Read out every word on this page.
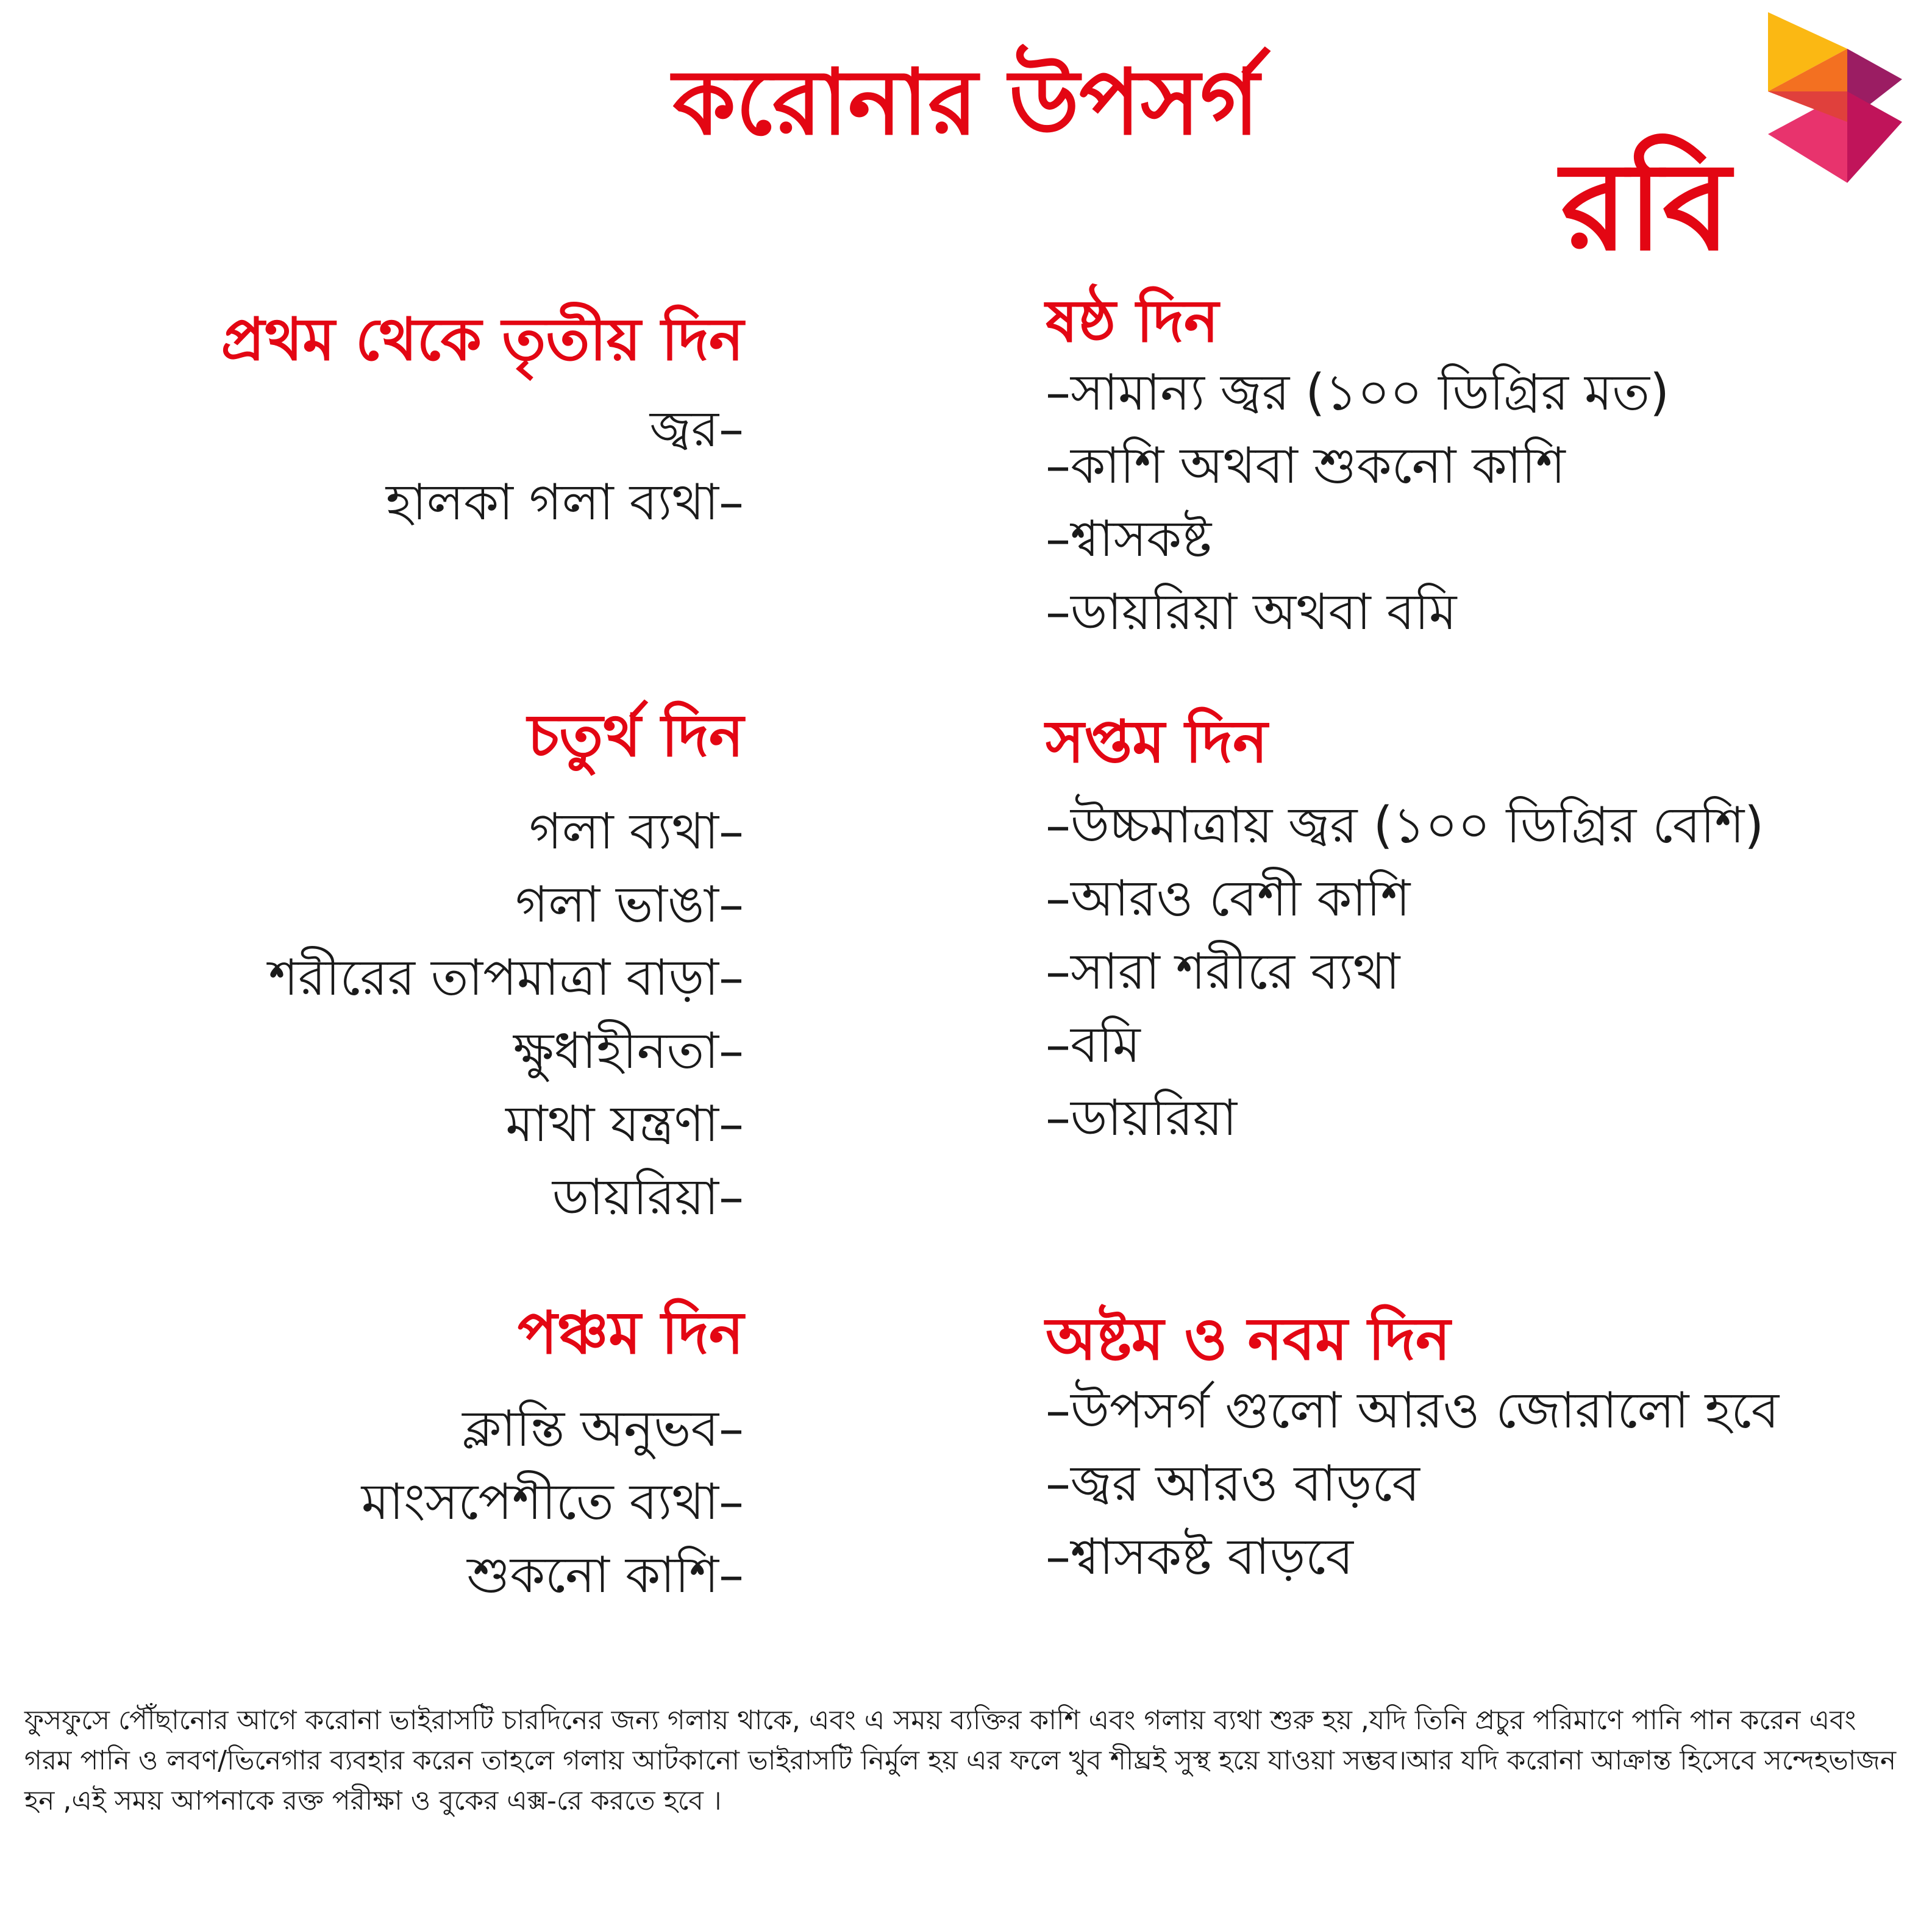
করোনার উপসর্গ
রবি
প্রথম থেকে তৃতীয় দিন
জ্বর–
হালকা গলা ব্যথা–
চতুর্থ দিন
গলা ব্যথা–
গলা ভাঙা–
শরীরের তাপমাত্রা বাড়া–
ক্ষুধাহীনতা–
মাথা যন্ত্রণা–
ডায়রিয়া–
পঞ্চম দিন
ক্লান্তি অনুভব–
মাংসপেশীতে ব্যথা–
শুকনো কাশি–
ষষ্ঠ দিন
–সামান্য জ্বর (১০০ ডিগ্রির মত)
–কাশি অথবা শুকনো কাশি
–শ্বাসকষ্ট
–ডায়রিয়া অথবা বমি
সপ্তম দিন
–উচ্চমাত্রায় জ্বর (১০০ ডিগ্রির বেশি)
–আরও বেশী কাশি
–সারা শরীরে ব্যথা
–বমি
–ডায়রিয়া
অষ্টম ও নবম দিন
–উপসর্গ গুলো আরও জোরালো হবে
–জ্বর আরও বাড়বে
–শ্বাসকষ্ট বাড়বে

ফুসফুসে পৌঁছানোর আগে করোনা ভাইরাসটি চারদিনের জন্য গলায় থাকে, এবং এ সময় ব্যক্তির কাশি এবং গলায় ব্যথা শুরু হয় ,যদি তিনি প্রচুর পরিমাণে পানি পান করেন এবং গরম পানি ও লবণ/ভিনেগার ব্যবহার করেন তাহলে গলায় আটকানো ভাইরাসটি নির্মুল হয় এর ফলে খুব শীঘ্রই সুস্থ হয়ে যাওয়া সম্ভব।আর যদি করোনা আক্রান্ত হিসেবে সন্দেহভাজন হন ,এই সময় আপনাকে রক্ত পরীক্ষা ও বুকের এক্স-রে করতে হবে ।
